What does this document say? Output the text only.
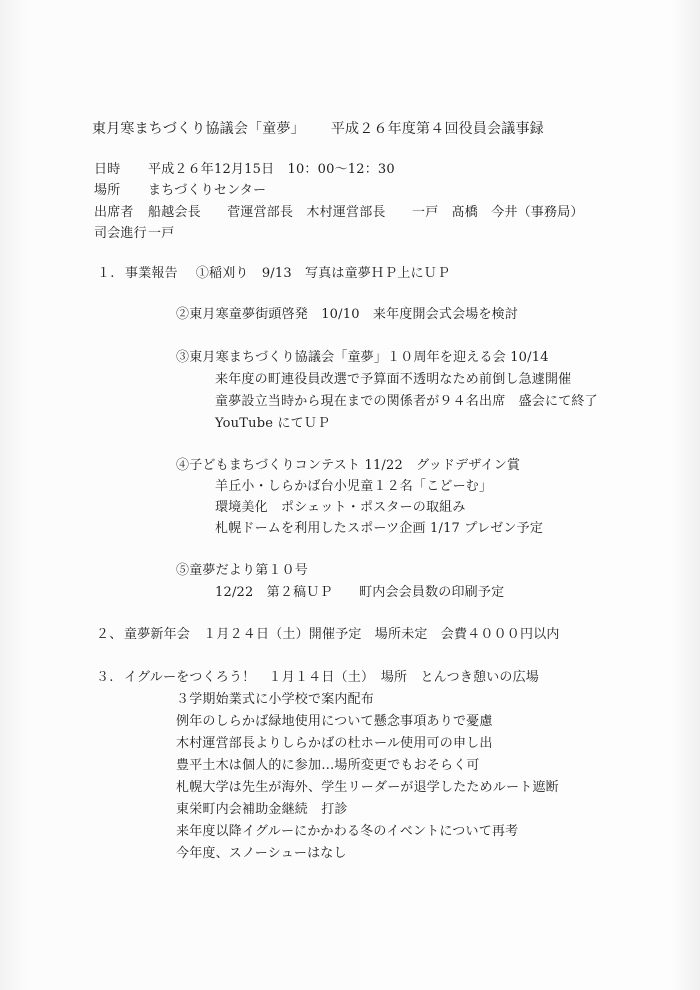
東月寒まちづくり協議会「童夢」 平成２６年度第４回役員会議事録
日時 平成２６年12月15日　10：00～12：30
場所 まちづくりセンター
出席者 船越会長　　菅運営部長　木村運営部長　　一戸　髙橋　今井（事務局）
司会進行一戸
１. 事業報告 ①稲刈り　9/13　写真は童夢ＨＰ上にＵＰ
②東月寒童夢街頭啓発　10/10　来年度開会式会場を検討
③東月寒まちづくり協議会「童夢」１０周年を迎える会 10/14
来年度の町連役員改選で予算面不透明なため前倒し急遽開催
童夢設立当時から現在までの関係者が９４名出席　盛会にて終了
YouTube にてＵＰ
④子どもまちづくりコンテスト 11/22　グッドデザイン賞
羊丘小・しらかば台小児童１２名「こどーむ」
環境美化　ポシェット・ポスターの取組み
札幌ドームを利用したスポーツ企画 1/17 プレゼン予定
⑤童夢だより第１０号
12/22　第２稿ＵＰ　　町内会会員数の印刷予定
２、 童夢新年会　１月２４日（土）開催予定　場所未定　会費４０００円以内
３. イグルーをつくろう！　１月１４日（土）　場所　とんつき憩いの広場
３学期始業式に小学校で案内配布
例年のしらかば緑地使用について懸念事項ありで憂慮
木村運営部長よりしらかばの杜ホール使用可の申し出
豊平土木は個人的に参加…場所変更でもおそらく可
札幌大学は先生が海外、学生リーダーが退学したためルート遮断
東栄町内会補助金継続　打診
来年度以降イグルーにかかわる冬のイベントについて再考
今年度、スノーシューはなし
